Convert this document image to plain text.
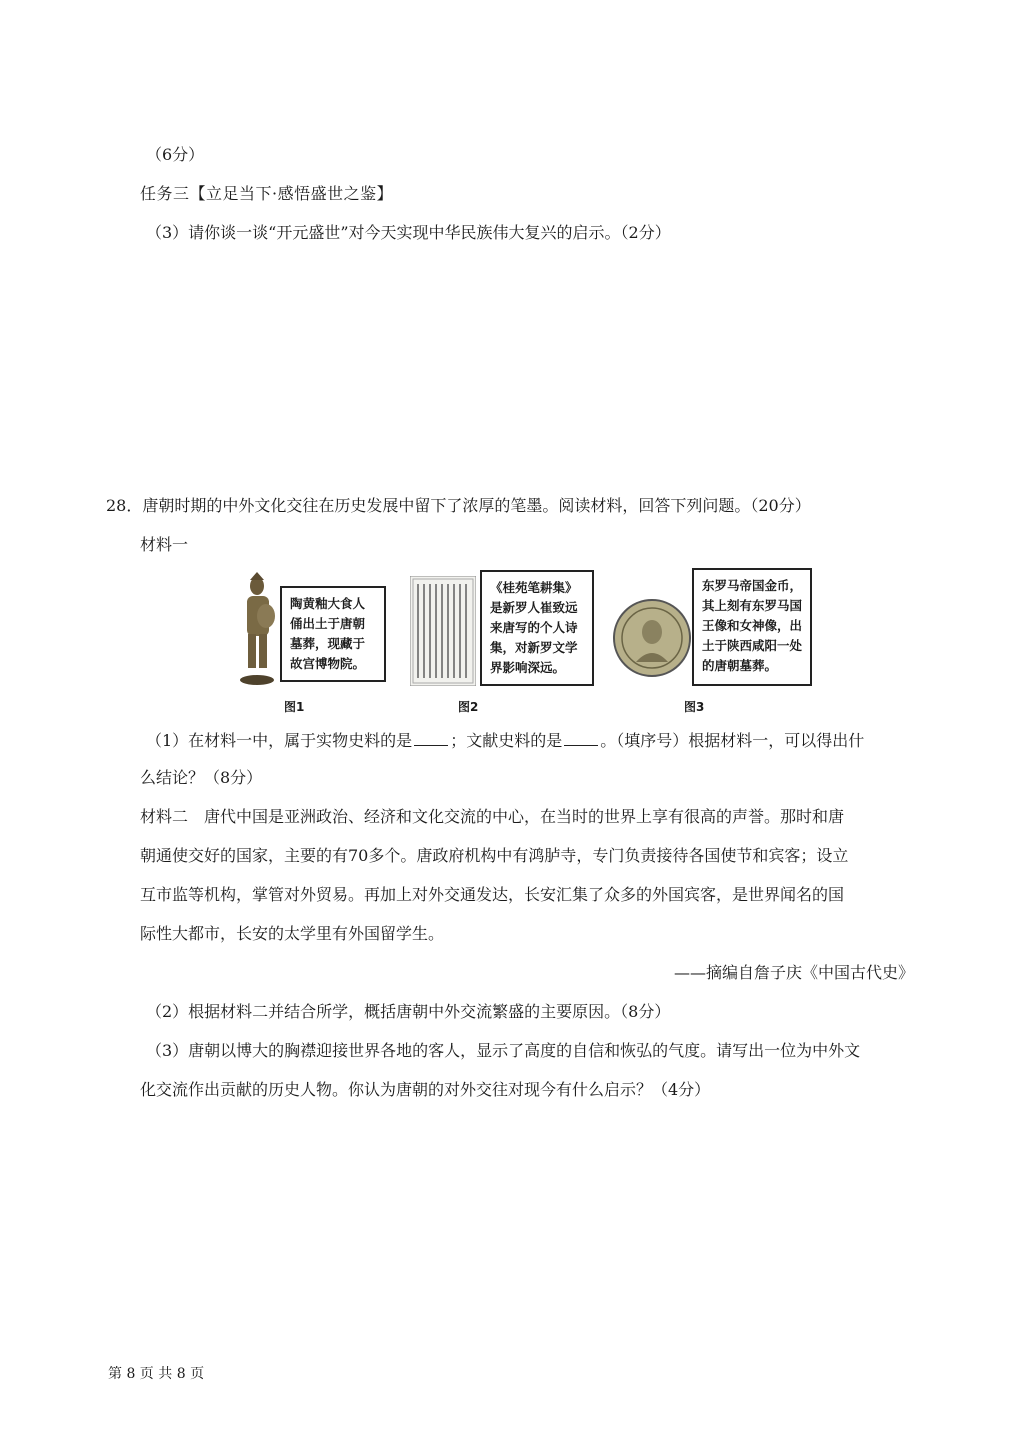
（6分）
任务三【立足当下·感悟盛世之鉴】
（3）请你谈一谈“开元盛世”对今天实现中华民族伟大复兴的启示。（2分）
28．唐朝时期的中外文化交往在历史发展中留下了浓厚的笔墨。阅读材料，回答下列问题。（20分）
材料一
陶黄釉大食人俑出土于唐朝墓葬，现藏于故宫博物院。
图1
《桂苑笔耕集》是新罗人崔致远来唐写的个人诗集，对新罗文学界影响深远。
图2
东罗马帝国金币，其上刻有东罗马国王像和女神像，出土于陕西咸阳一处的唐朝墓葬。
图3
（1）在材料一中，属于实物史料的是 ；文献史料的是 。（填序号）根据材料一，可以得出什
么结论？（8分）
材料二　唐代中国是亚洲政治、经济和文化交流的中心，在当时的世界上享有很高的声誉。那时和唐
朝通使交好的国家，主要的有70多个。唐政府机构中有鸿胪寺，专门负责接待各国使节和宾客；设立
互市监等机构，掌管对外贸易。再加上对外交通发达，长安汇集了众多的外国宾客，是世界闻名的国
际性大都市，长安的太学里有外国留学生。
——摘编自詹子庆《中国古代史》
（2）根据材料二并结合所学，概括唐朝中外交流繁盛的主要原因。（8分）
（3）唐朝以博大的胸襟迎接世界各地的客人，显示了高度的自信和恢弘的气度。请写出一位为中外文
化交流作出贡献的历史人物。你认为唐朝的对外交往对现今有什么启示？（4分）
第 8 页 共 8 页
